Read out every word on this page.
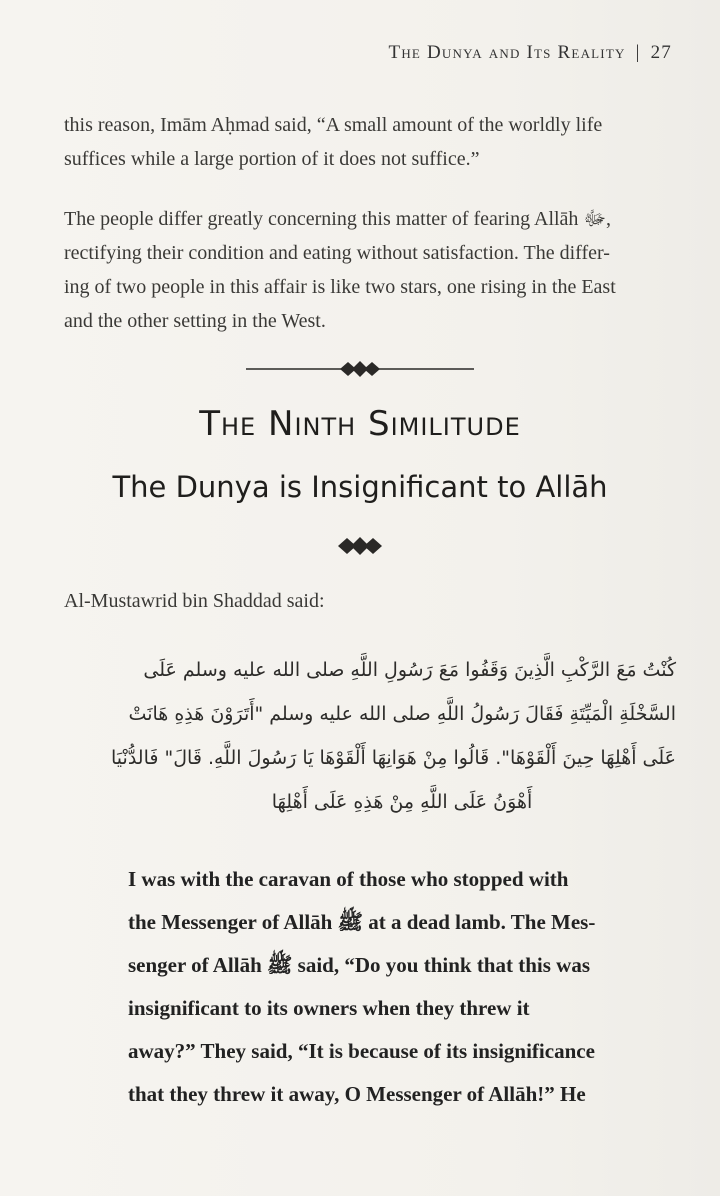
The Dunya and Its Reality | 27

this reason, Imām Aḥmad said, “A small amount of the worldly life
suffices while a large portion of it does not suffice.”

The people differ greatly concerning this matter of fearing Allāh ﷻ,
rectifying their condition and eating without satisfaction. The differ-
ing of two people in this affair is like two stars, one rising in the East
and the other setting in the West.

The Ninth Similitude
The Dunya is Insignificant to Allāh

Al-Mustawrid bin Shaddad said:

كُنْتُ مَعَ الرَّكْبِ الَّذِينَ وَقَفُوا مَعَ رَسُولِ اللَّهِ صلى الله عليه وسلم عَلَى
السَّخْلَةِ الْمَيِّتَةِ فَقَالَ رَسُولُ اللَّهِ صلى الله عليه وسلم "أَتَرَوْنَ هَذِهِ هَانَتْ
عَلَى أَهْلِهَا حِينَ أَلْقَوْهَا". قَالُوا مِنْ هَوَانِهَا أَلْقَوْهَا يَا رَسُولَ اللَّهِ. قَالَ" فَالدُّنْيَا
أَهْوَنُ عَلَى اللَّهِ مِنْ هَذِهِ عَلَى أَهْلِهَا

I was with the caravan of those who stopped with
the Messenger of Allāh ﷺ at a dead lamb. The Mes-
senger of Allāh ﷺ said, “Do you think that this was
insignificant to its owners when they threw it
away?” They said, “It is because of its insignificance
that they threw it away, O Messenger of Allāh!” He
